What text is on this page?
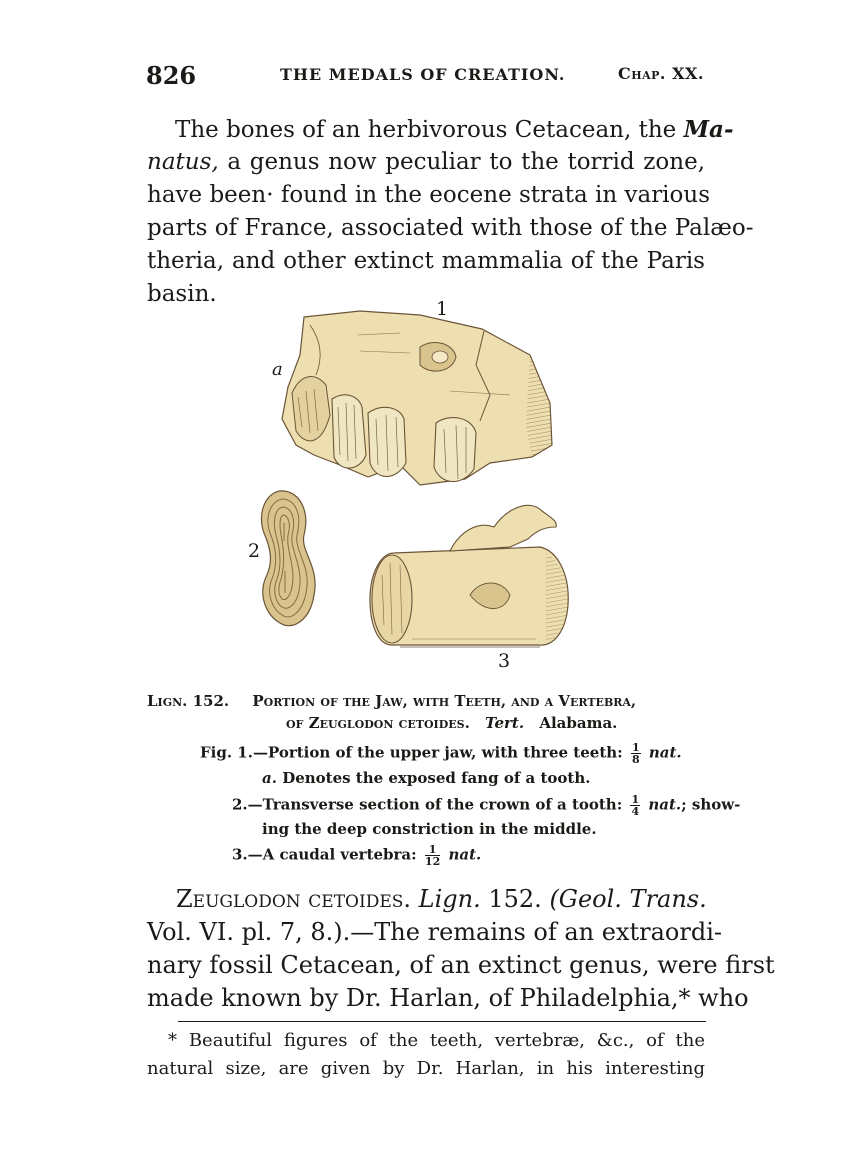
826	THE MEDALS OF CREATION.	Chap. XX.
The bones of an herbivorous Cetacean, the Ma-
natus, a genus now peculiar to the torrid zone,
have been· found in the eocene strata in various
parts of France, associated with those of the Palæo-
theria, and other extinct mammalia of the Paris
basin.
1
a
2
3
Lign. 152. Portion of the Jaw, with Teeth, and a Vertebra,
of Zeuglodon cetoides. Tert. Alabama.
Fig. 1.—Portion of the upper jaw, with three teeth: $\frac{1}{8}$ nat.
a. Denotes the exposed fang of a tooth.
2.—Transverse section of the crown of a tooth: $\frac{1}{4}$ nat.; show-
ing the deep constriction in the middle.
3.—A caudal vertebra: $\frac{1}{12}$ nat.
Zeuglodon cetoides. Lign. 152. (Geol. Trans.
Vol. VI. pl. 7, 8.).—The remains of an extraordi-
nary fossil Cetacean, of an extinct genus, were first
made known by Dr. Harlan, of Philadelphia,* who
* Beautiful figures of the teeth, vertebræ, &c., of the
natural size, are given by Dr. Harlan, in his interesting
